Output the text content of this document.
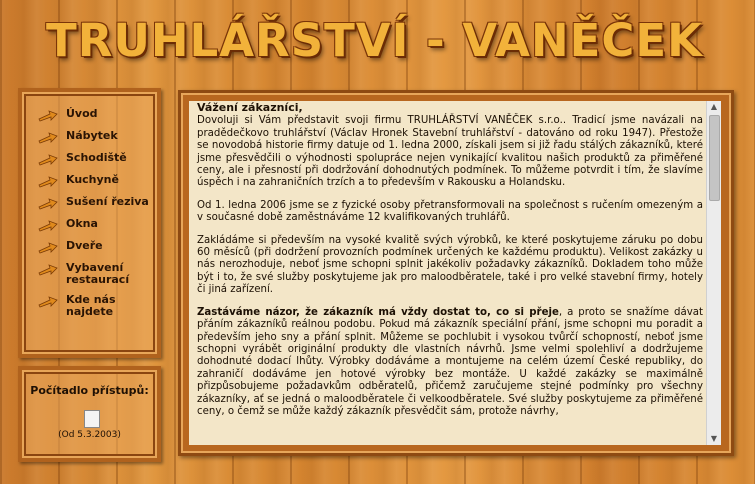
TRUHLÁŘSTVÍ - VANĚČEK
Úvod
Nábytek
Schodiště
Kuchyně
Sušení řeziva
Okna
Dveře
Vybavení restaurací
Kde nás najdete
Počítadlo přístupů:
(Od 5.3.2003)

Vážení zákazníci,

Dovoluji si Vám představit svoji firmu TRUHLÁŘSTVÍ VANĚČEK s.r.o.. Tradicí jsme navázali na pradědečkovo truhlářství (Václav Hronek Stavební truhlářství - datováno od roku 1947). Přestože se novodobá historie firmy datuje od 1. ledna 2000, získali jsem si již řadu stálých zákazníků, které jsme přesvědčili o výhodnosti spolupráce nejen vynikající kvalitou našich produktů za přiměřené ceny, ale i přesností při dodržování dohodnutých podmínek. To můžeme potvrdit i tím, že slavíme úspěch i na zahraničních trzích a to především v Rakousku a Holandsku.

Od 1. ledna 2006 jsme se z fyzické osoby přetransformovali na společnost s ručením omezeným a v současné době zaměstnáváme 12 kvalifikovaných truhlářů.

Zakládáme si především na vysoké kvalitě svých výrobků, ke které poskytujeme záruku po dobu 60 měsíců (při dodržení provozních podmínek určených ke každému produktu). Velikost zakázky u nás nerozhoduje, neboť jsme schopni splnit jakékoliv požadavky zákazníků. Dokladem toho může být i to, že své služby poskytujeme jak pro maloodběratele, také i pro velké stavební firmy, hotely či jiná zařízení.

Zastáváme názor, že zákazník má vždy dostat to, co si přeje, a proto se snažíme dávat přáním zákazníků reálnou podobu. Pokud má zákazník speciální přání, jsme schopni mu poradit a především jeho sny a přání splnit. Můžeme se pochlubit i vysokou tvůrčí schopností, neboť jsme schopni vyrábět originální produkty dle vlastních návrhů. Jsme velmi spolehliví a dodržujeme dohodnuté dodací lhůty. Výrobky dodáváme a montujeme na celém území České republiky, do zahraničí dodáváme jen hotové výrobky bez montáže. U každé zakázky se maximálně přizpůsobujeme požadavkům odběratelů, přičemž zaručujeme stejné podmínky pro všechny zákazníky, ať se jedná o maloodběratele či velkoodběratele. Své služby poskytujeme za přiměřené ceny, o čemž se může každý zákazník přesvědčit sám, protože návrhy,

▲
▼
